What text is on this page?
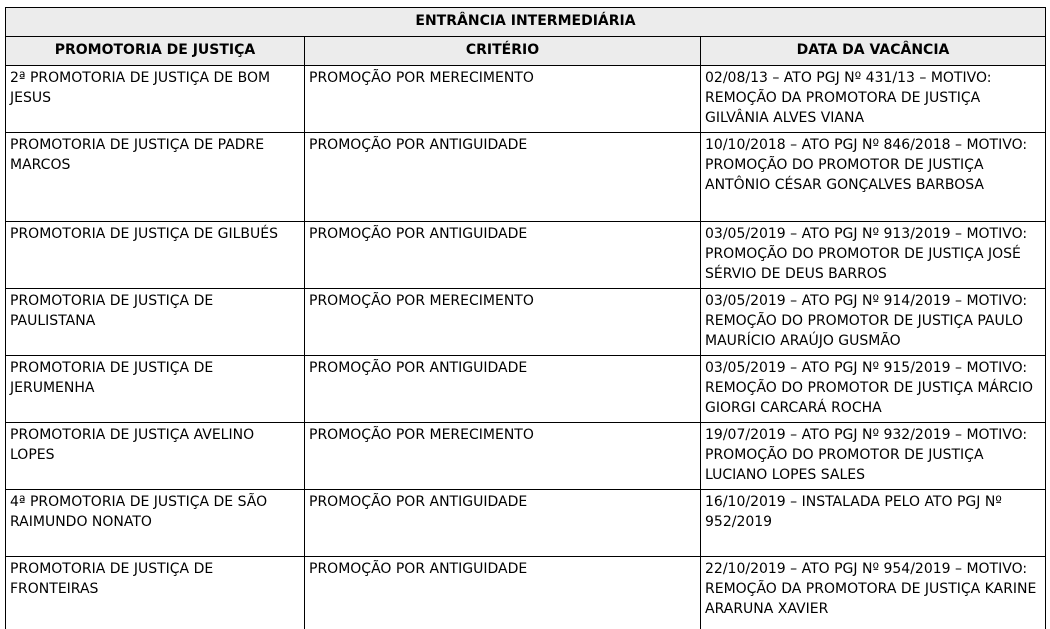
ENTRÂNCIA INTERMEDIÁRIA		
PROMOTORIA DE JUSTIÇA	CRITÉRIO	DATA DA VACÂNCIA
2ª PROMOTORIA DE JUSTIÇA DE BOM JESUS	PROMOÇÃO POR MERECIMENTO	02/08/13 – ATO PGJ Nº 431/13 – MOTIVO: REMOÇÃO DA PROMOTORA DE JUSTIÇA GILVÂNIA ALVES VIANA
PROMOTORIA DE JUSTIÇA DE PADRE MARCOS	PROMOÇÃO POR ANTIGUIDADE	10/10/2018 – ATO PGJ Nº 846/2018 – MOTIVO: PROMOÇÃO DO PROMOTOR DE JUSTIÇA ANTÔNIO CÉSAR GONÇALVES BARBOSA
PROMOTORIA DE JUSTIÇA DE GILBUÉS	PROMOÇÃO POR ANTIGUIDADE	03/05/2019 – ATO PGJ Nº 913/2019 – MOTIVO: PROMOÇÃO DO PROMOTOR DE JUSTIÇA JOSÉ SÉRVIO DE DEUS BARROS
PROMOTORIA DE JUSTIÇA DE PAULISTANA	PROMOÇÃO POR MERECIMENTO	03/05/2019 – ATO PGJ Nº 914/2019 – MOTIVO: REMOÇÃO DO PROMOTOR DE JUSTIÇA PAULO MAURÍCIO ARAÚJO GUSMÃO
PROMOTORIA DE JUSTIÇA DE JERUMENHA	PROMOÇÃO POR ANTIGUIDADE	03/05/2019 – ATO PGJ Nº 915/2019 – MOTIVO: REMOÇÃO DO PROMOTOR DE JUSTIÇA MÁRCIO GIORGI CARCARÁ ROCHA
PROMOTORIA DE JUSTIÇA AVELINO LOPES	PROMOÇÃO POR MERECIMENTO	19/07/2019 – ATO PGJ Nº 932/2019 – MOTIVO: PROMOÇÃO DO PROMOTOR DE JUSTIÇA LUCIANO LOPES SALES
4ª PROMOTORIA DE JUSTIÇA DE SÃO RAIMUNDO NONATO	PROMOÇÃO POR ANTIGUIDADE	16/10/2019 – INSTALADA PELO ATO PGJ Nº 952/2019
PROMOTORIA DE JUSTIÇA DE FRONTEIRAS	PROMOÇÃO POR ANTIGUIDADE	22/10/2019 – ATO PGJ Nº 954/2019 – MOTIVO: REMOÇÃO DA PROMOTORA DE JUSTIÇA KARINE ARARUNA XAVIER
